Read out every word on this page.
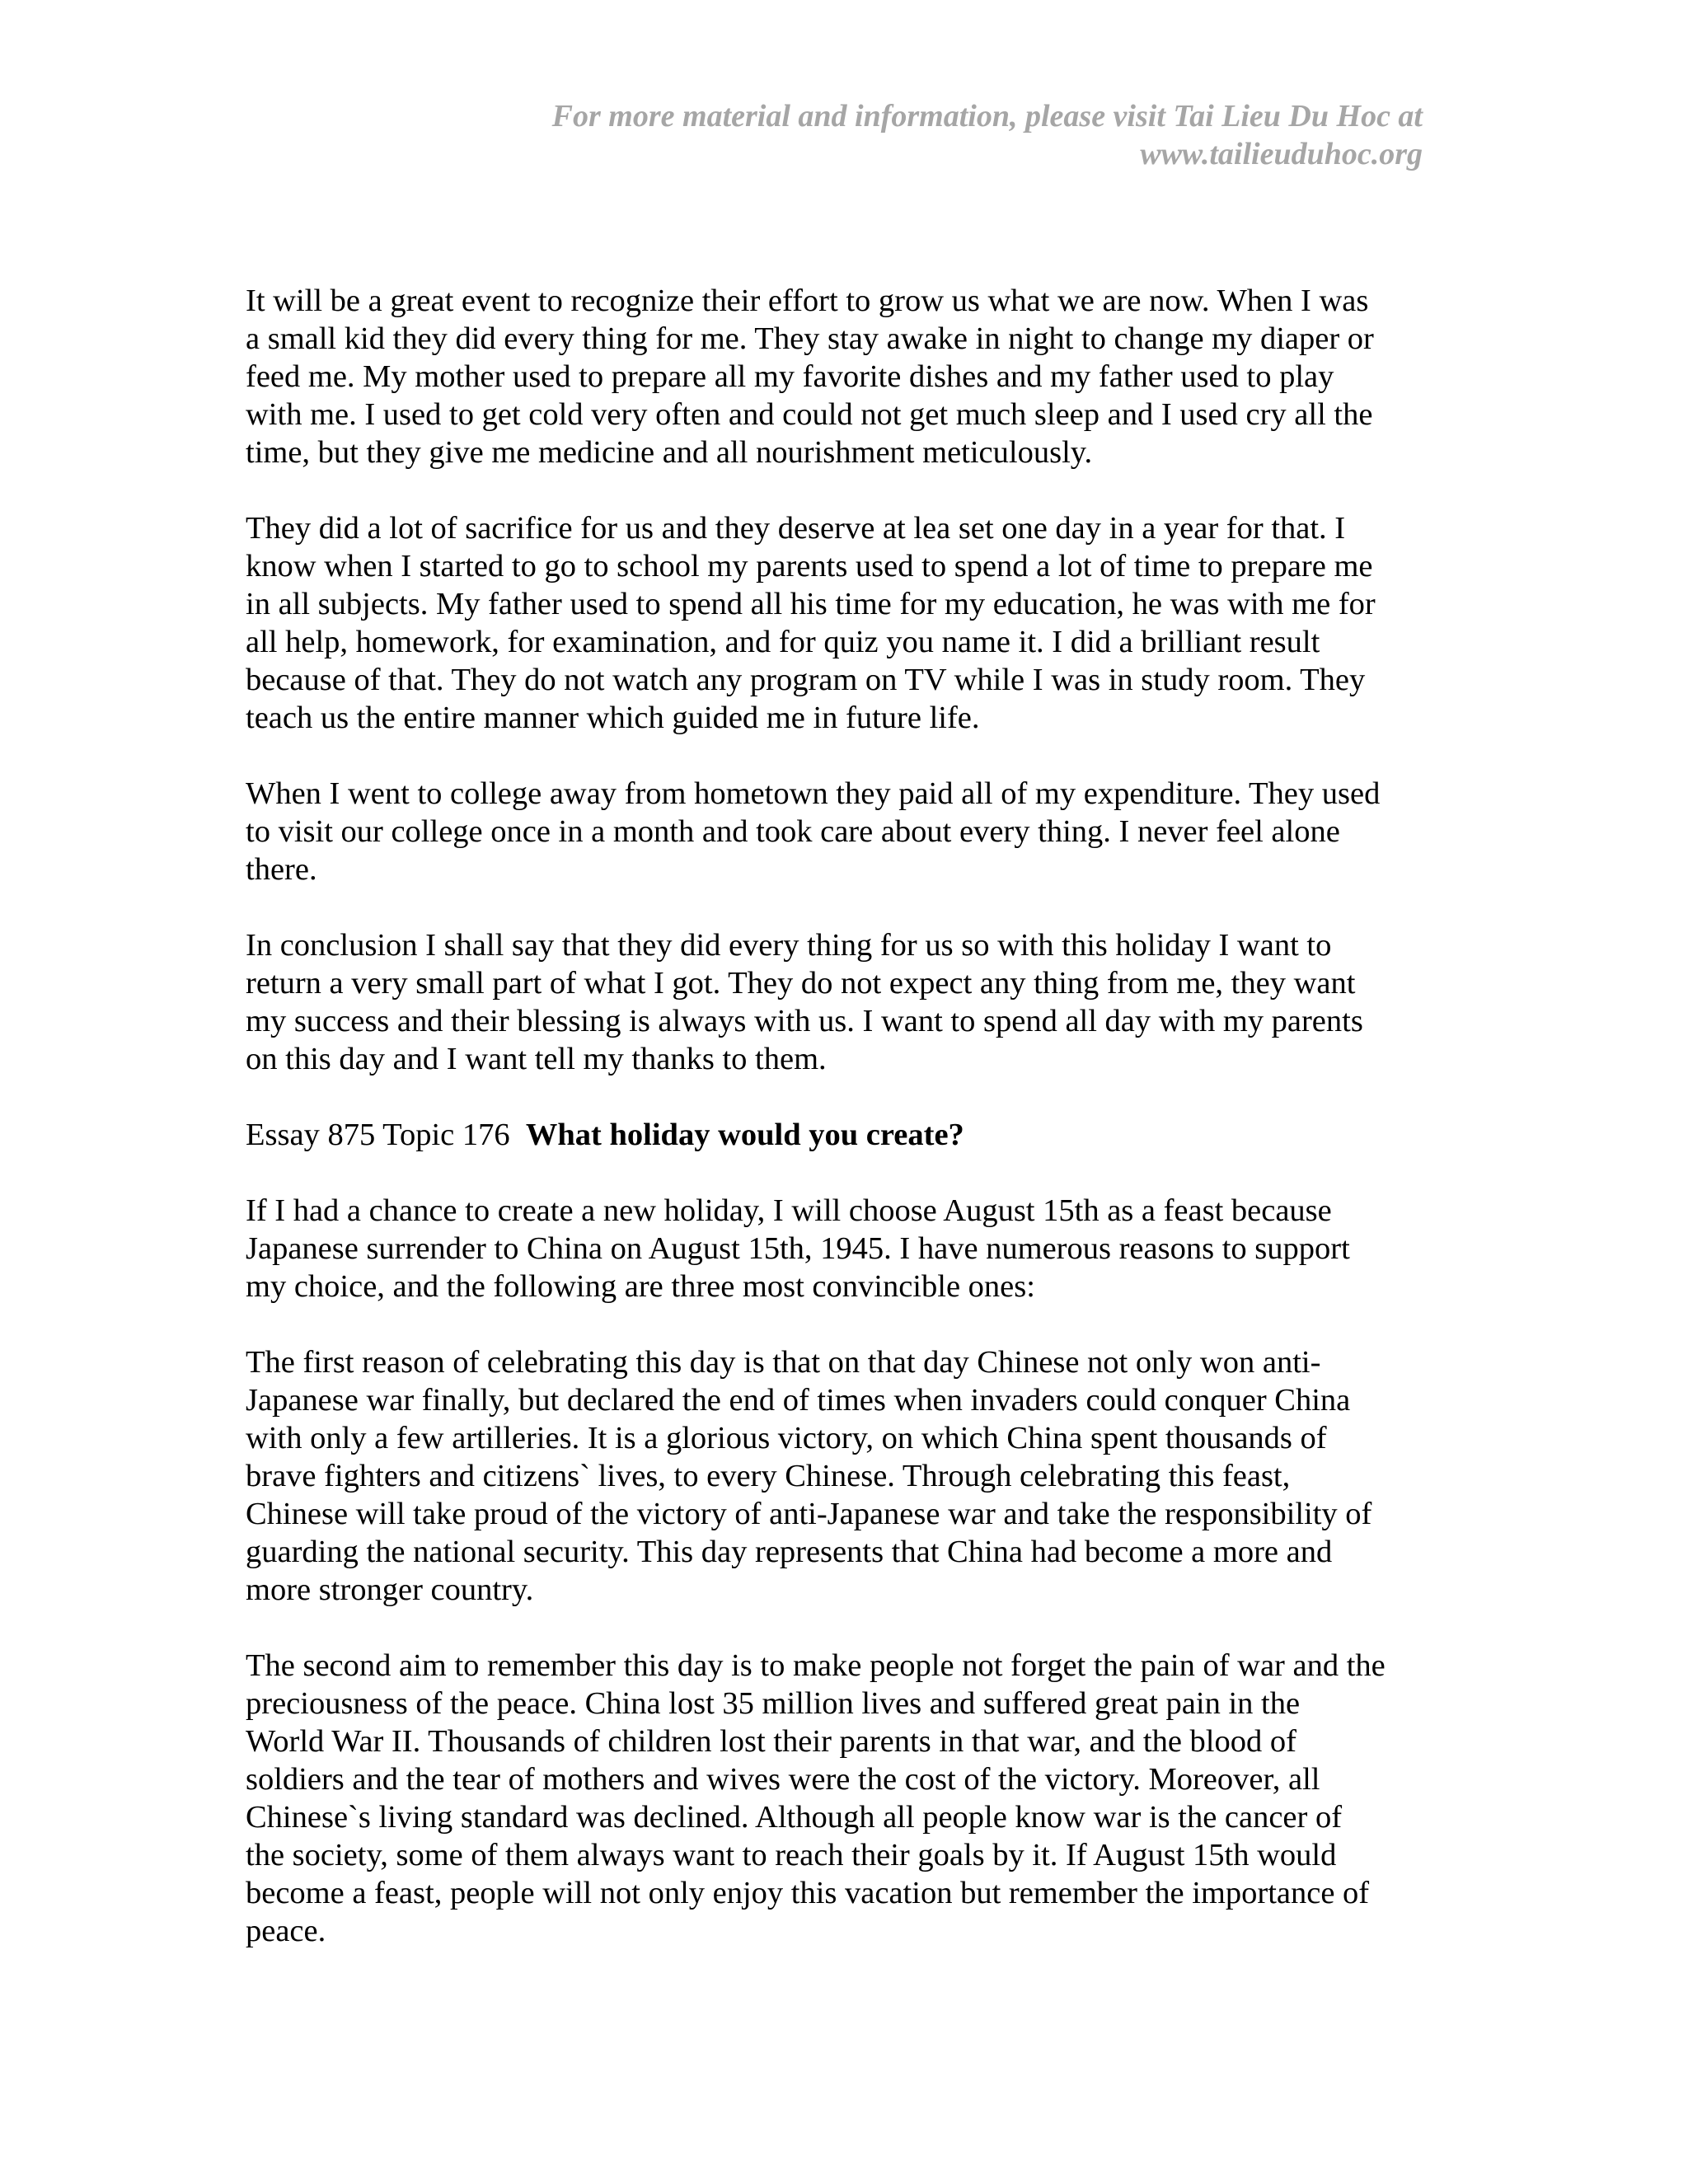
For more material and information, please visit Tai Lieu Du Hoc at
www.tailieuduhoc.org

It will be a great event to recognize their effort to grow us what we are now. When I was
a small kid they did every thing for me. They stay awake in night to change my diaper or
feed me. My mother used to prepare all my favorite dishes and my father used to play
with me. I used to get cold very often and could not get much sleep and I used cry all the
time, but they give me medicine and all nourishment meticulously.

They did a lot of sacrifice for us and they deserve at lea set one day in a year for that. I
know when I started to go to school my parents used to spend a lot of time to prepare me
in all subjects. My father used to spend all his time for my education, he was with me for
all help, homework, for examination, and for quiz you name it. I did a brilliant result
because of that. They do not watch any program on TV while I was in study room. They
teach us the entire manner which guided me in future life.

When I went to college away from hometown they paid all of my expenditure. They used
to visit our college once in a month and took care about every thing. I never feel alone
there.

In conclusion I shall say that they did every thing for us so with this holiday I want to
return a very small part of what I got. They do not expect any thing from me, they want
my success and their blessing is always with us. I want to spend all day with my parents
on this day and I want tell my thanks to them.

Essay 875 Topic 176 What holiday would you create?

If I had a chance to create a new holiday, I will choose August 15th as a feast because
Japanese surrender to China on August 15th, 1945. I have numerous reasons to support
my choice, and the following are three most convincible ones:

The first reason of celebrating this day is that on that day Chinese not only won anti-
Japanese war finally, but declared the end of times when invaders could conquer China
with only a few artilleries. It is a glorious victory, on which China spent thousands of
brave fighters and citizens` lives, to every Chinese. Through celebrating this feast,
Chinese will take proud of the victory of anti-Japanese war and take the responsibility of
guarding the national security. This day represents that China had become a more and
more stronger country.

The second aim to remember this day is to make people not forget the pain of war and the
preciousness of the peace. China lost 35 million lives and suffered great pain in the
World War II. Thousands of children lost their parents in that war, and the blood of
soldiers and the tear of mothers and wives were the cost of the victory. Moreover, all
Chinese`s living standard was declined. Although all people know war is the cancer of
the society, some of them always want to reach their goals by it. If August 15th would
become a feast, people will not only enjoy this vacation but remember the importance of
peace.
